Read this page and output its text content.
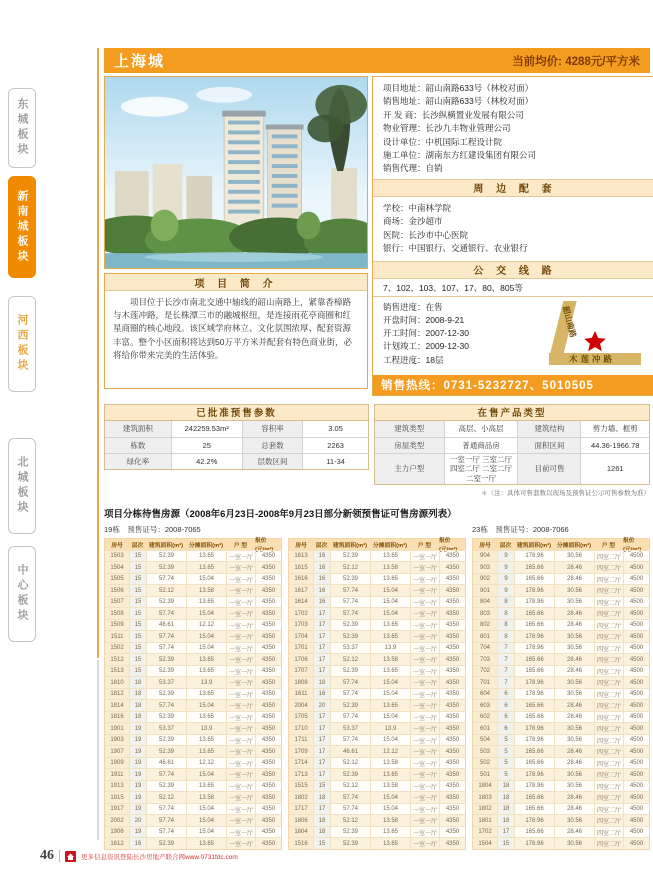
东城板块
新南城板块
河西板块
北城板块
中心板块
上海城	当前均价: 4288元/平方米
项 目 简 介
项目位于长沙市南北交通中轴线的韶山南路上，紧靠香樟路与木莲冲路，是长株潭三市的融城枢纽，是连接雨花亭商圈和红星商圈的核心地段。该区域学府林立、文化氛围浓厚、配套资源丰富。整个小区面积将达到50万平方米并配套有特色商业街，必将给你带来完美的生活体验。
项目地址：韶山南路633号（林校对面）
销售地址：韶山南路633号（林校对面）
开 发 商：长沙纵横置业发展有限公司
物业管理：长沙九丰物业管理公司
设计单位：中机国际工程设计院
施工单位：湖南东方红建设集团有限公司
销售代理：自销
周 边 配 套
学校：中南林学院
商场：金沙超市
医院：长沙市中心医院
银行：中国银行、交通银行、农业银行
公 交 线 路
7、102、103、107、17、80、805等
销售进度：在售
开盘时间：2008-9-21
开工时间：2007-12-30
计划竣工：2009-12-30
工程进度：18层
韶山南路
木莲冲路
销售热线：0731-5232727、5010505
已批准预售参数
建筑面积	242259.53m²	容积率	3.05
栋数	25	总套数	2263
绿化率	42.2%	层数区间	11-34
在售产品类型
建筑类型	高层、小高层	建筑结构	剪力墙、框剪
房屋类型	普通商品房	面积区间	44.36-1966.78
主力户型
一室一厅 三室二厅 四室二厅 二室二厅 二室一厅
目前可售	1261
＊（注：具体可售套数以现场及预售证公示可售参数为准）
项目分栋待售房源（2008年6月23日-2008年9月23日部分新领预售证可售房源列表）
19栋　预售证号：2008-7065	23栋　预售证号：2008-7066
房号	层次 建筑面积(m²)	分摊面积(m²)	户 型
报价(元/m²)
1503	15	52.39	13.65	一室一厅	4350
1504	15	52.39	13.65	一室一厅	4350
1505	15	57.74	15.04	一室一厅	4350
1506	15	52.12	13.58	一室一厅	4350
1507	15	52.39	13.65	一室一厅	4350
1508	15	57.74	15.04	一室一厅	4350
1509	15	46.61	12.12	一室一厅	4350
1511	15	57.74	15.04	一室一厅	4350
1502	15	57.74	15.04	一室一厅	4350
1512	15	52.39	13.65	一室一厅	4350
1513	15	52.39	13.65	一室一厅	4350
1810	18	53.37	13.9	一室一厅	4350
1812	18	52.39	13.65	一室一厅	4350
1814	18	57.74	15.04	一室一厅	4350
1816	18	52.39	13.65	一室一厅	4350
1901	19	53.37	13.9	一室一厅	4350
1903	19	52.39	13.65	一室一厅	4350
1907	19	52.39	13.65	一室一厅	4350
1909	19	46.61	12.12	一室一厅	4350
1911	19	57.74	15.04	一室一厅	4350
1913	19	52.39	13.65	一室一厅	4350
1915	19	52.12	13.58	一室一厅	4350
1917	19	57.74	15.04	一室一厅	4350
2002	20	57.74	15.04	一室一厅	4350
1906	19	57.74	15.04	一室一厅	4350
1612	16	52.39	13.65	一室一厅	4350
房号	层次 建筑面积(m²)	分摊面积(m²)	户 型
报价(元/m²)
1613	16	52.39	13.65	一室一厅	4350
1615	16	52.12	13.58	一室一厅	4350
1616	16	52.39	13.65	一室一厅	4350
1617	16	57.74	15.04	一室一厅	4350
1614	16	57.74	15.04	一室一厅	4350
1702	17	57.74	15.04	一室一厅	4350
1703	17	52.39	13.65	一室一厅	4350
1704	17	52.39	13.65	一室一厅	4350
1701	17	53.37	13.9	一室一厅	4350
1706	17	52.12	13.58	一室一厅	4350
1707	17	52.39	13.65	一室一厅	4350
1808	18	57.74	15.04	一室一厅	4350
1611	16	57.74	15.04	一室一厅	4350
2004	20	52.39	13.65	一室一厅	4350
1705	17	57.74	15.04	一室一厅	4350
1710	17	53.37	13.9	一室一厅	4350
1711	17	57.74	15.04	一室一厅	4350
1709	17	46.61	12.12	一室一厅	4350
1714	17	52.12	13.58	一室一厅	4350
1713	17	52.39	13.65	一室一厅	4350
1515	15	52.12	13.58	一室一厅	4350
1802	18	57.74	15.04	一室一厅	4350
1717	17	57.74	15.04	一室一厅	4350
1806	18	52.12	13.58	一室一厅	4350
1804	18	52.39	13.65	一室一厅	4350
1516	15	52.39	13.65	一室一厅	4350
房号	层次 建筑面积(m²)	分摊面积(m²)	户 型
报价(元/m²)
904	9	178.96	30.56	四室二厅	4500
903	9	165.66	28.46	四室二厅	4500
902	9	165.66	28.46	四室二厅	4500
901	9	178.96	30.56	四室二厅	4500
804	8	178.96	30.56	四室二厅	4500
803	8	165.66	28.46	四室二厅	4500
802	8	165.66	28.46	四室二厅	4500
801	8	178.96	30.56	四室二厅	4500
704	7	178.96	30.56	四室二厅	4500
703	7	165.66	28.46	四室二厅	4500
702	7	165.66	28.46	四室二厅	4500
701	7	178.96	30.56	四室二厅	4500
604	6	178.96	30.56	四室二厅	4500
603	6	165.66	28.46	四室二厅	4500
602	6	165.66	28.46	四室二厅	4500
601	6	178.96	30.56	四室二厅	4500
504	5	178.96	30.56	四室二厅	4500
503	5	165.66	28.46	四室二厅	4500
502	5	165.66	28.46	四室二厅	4500
501	5	178.96	30.56	四室二厅	4500
1804	18	178.96	30.56	四室二厅	4500
1803	18	165.66	28.46	四室二厅	4500
1802	18	165.66	28.46	四室二厅	4500
1801	18	178.96	30.56	四室二厅	4500
1702	17	165.66	28.46	四室二厅	4500
1504	15	178.96	30.56	四室二厅	4500
46	更多信息资讯登陆长沙房地产联合网www.0731fdc.com
